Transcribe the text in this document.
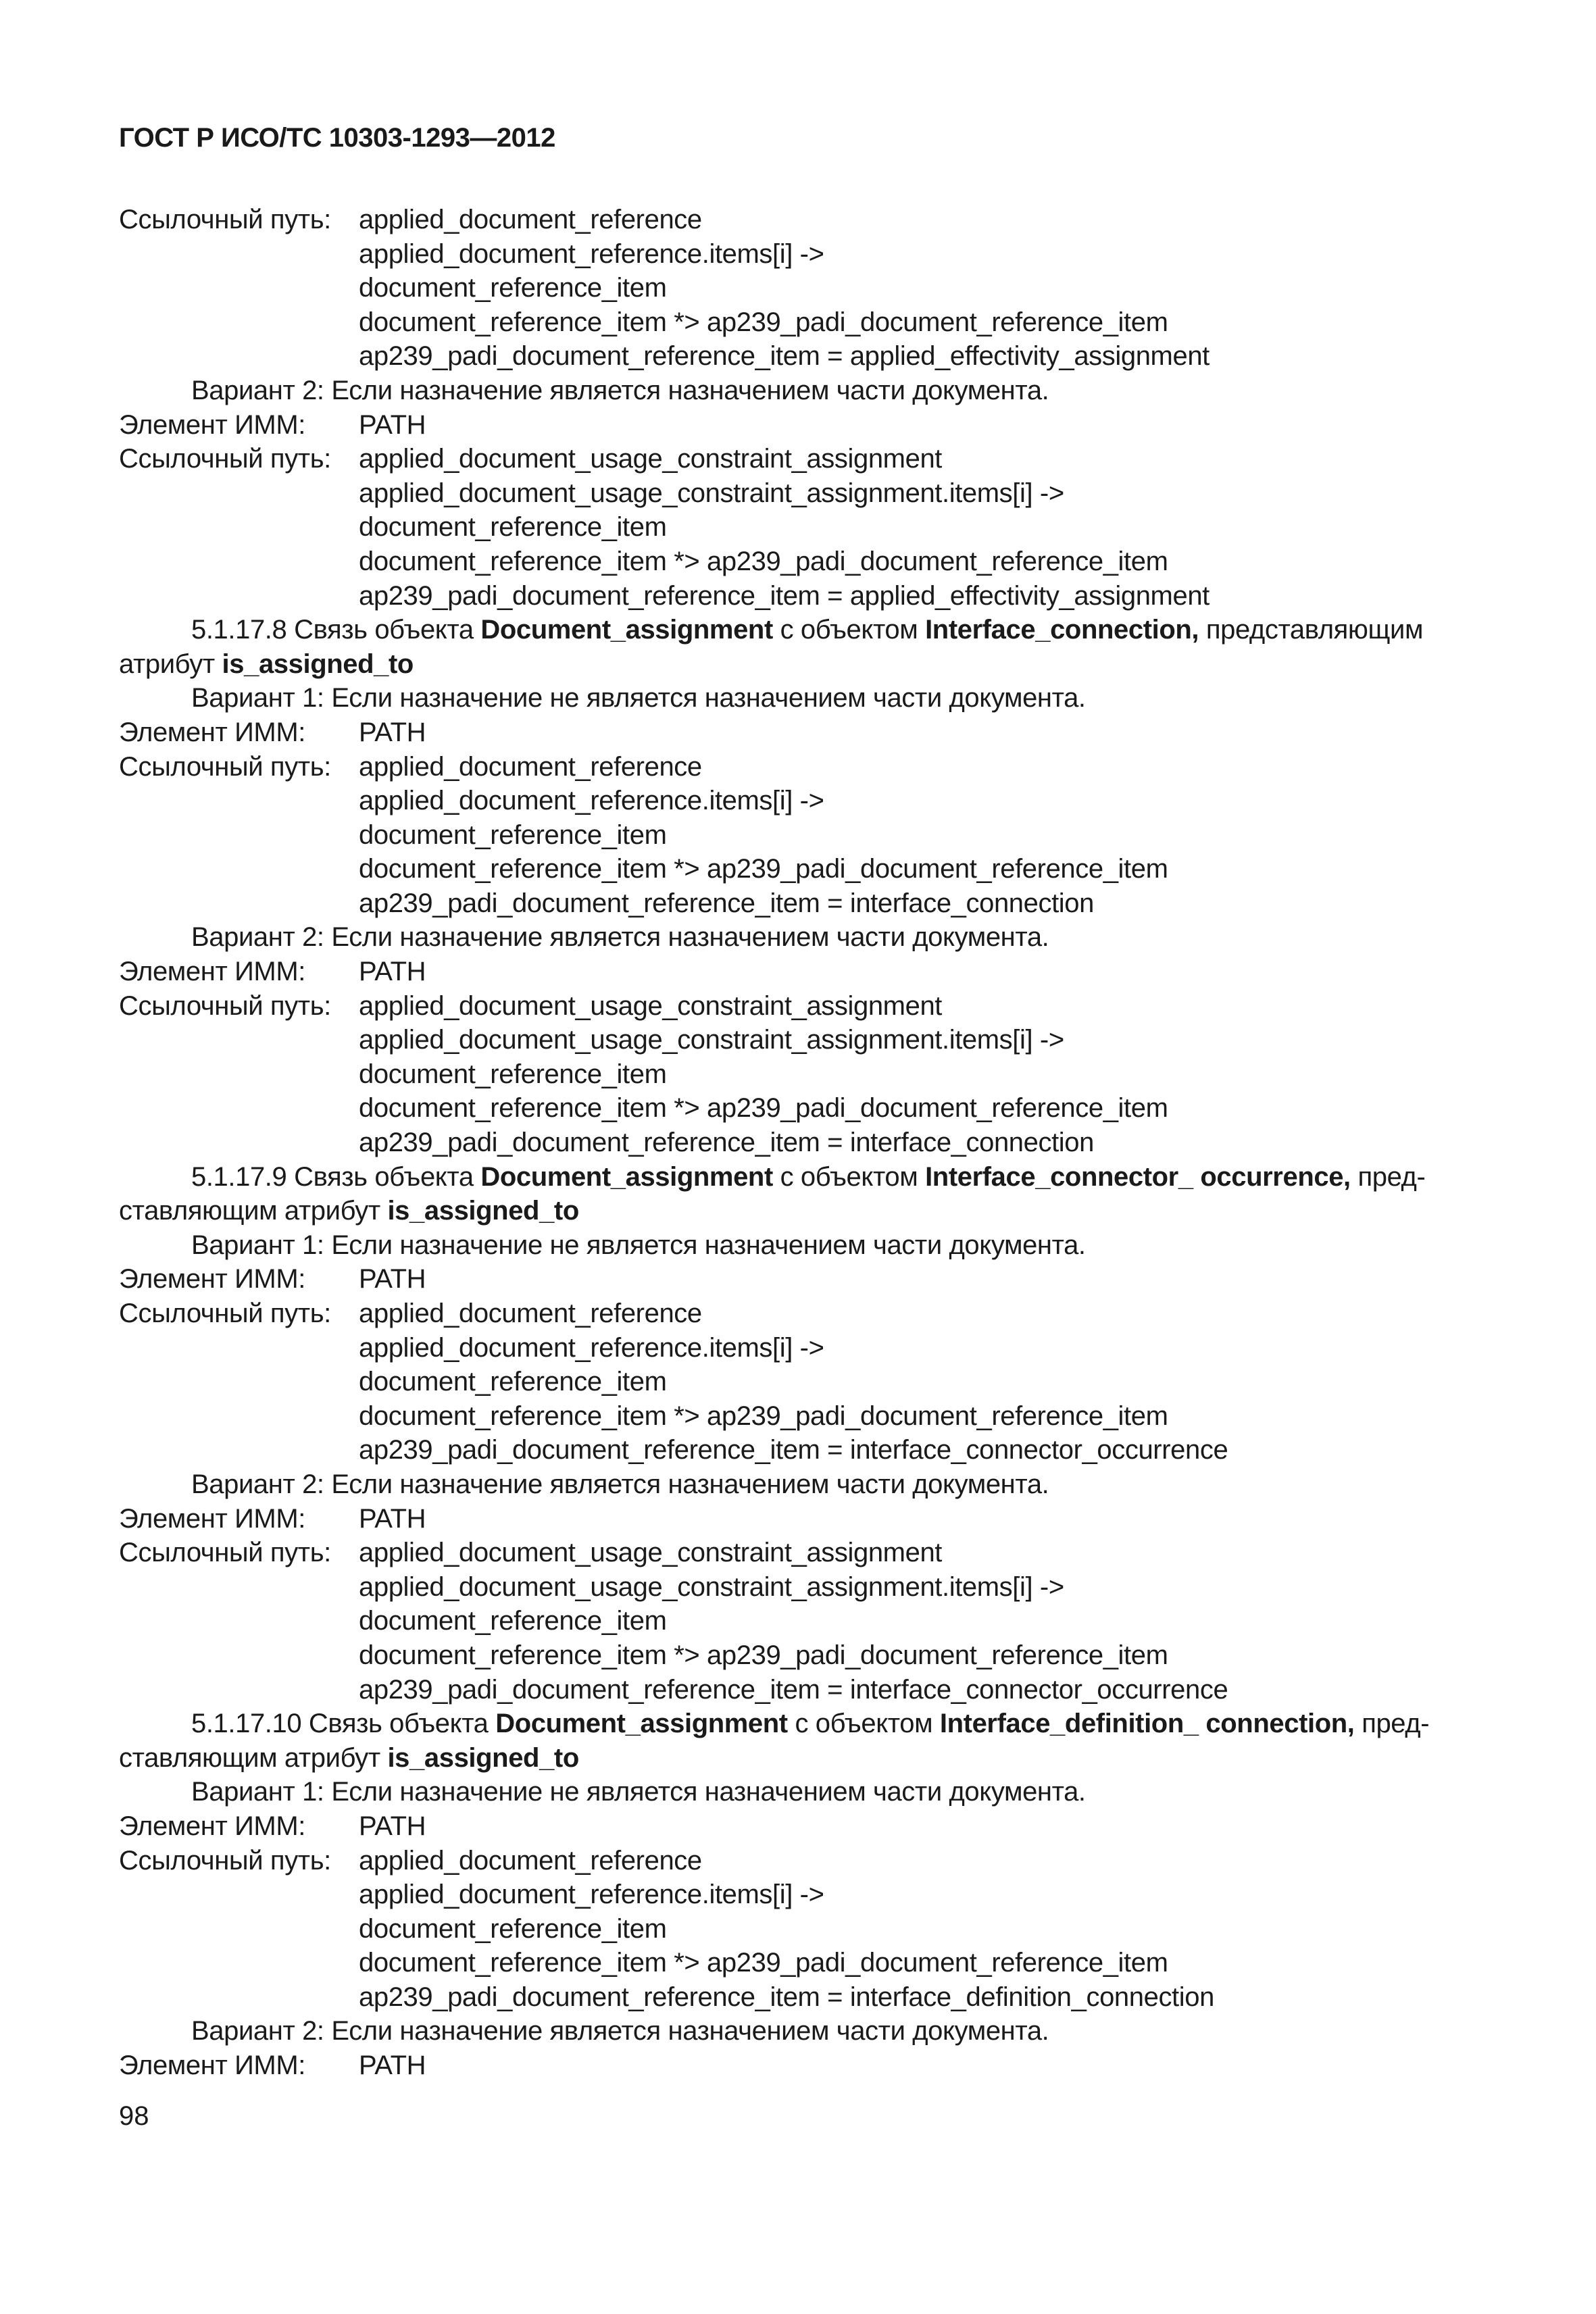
ГОСТ Р ИСО/ТС 10303-1293—2012
Ссылочный путь: applied_document_reference
applied_document_reference.items[i] ->
document_reference_item
document_reference_item *> ap239_padi_document_reference_item
ap239_padi_document_reference_item = applied_effectivity_assignment
Вариант 2: Если назначение является назначением части документа.
Элемент ИММ: PATH
Ссылочный путь: applied_document_usage_constraint_assignment
applied_document_usage_constraint_assignment.items[i] ->
document_reference_item
document_reference_item *> ap239_padi_document_reference_item
ap239_padi_document_reference_item = applied_effectivity_assignment
5.1.17.8 Связь объекта Document_assignment с объектом Interface_connection, представляющим
атрибут is_assigned_to
Вариант 1: Если назначение не является назначением части документа.
Элемент ИММ: PATH
Ссылочный путь: applied_document_reference
applied_document_reference.items[i] ->
document_reference_item
document_reference_item *> ap239_padi_document_reference_item
ap239_padi_document_reference_item = interface_connection
Вариант 2: Если назначение является назначением части документа.
Элемент ИММ: PATH
Ссылочный путь: applied_document_usage_constraint_assignment
applied_document_usage_constraint_assignment.items[i] ->
document_reference_item
document_reference_item *> ap239_padi_document_reference_item
ap239_padi_document_reference_item = interface_connection
5.1.17.9 Связь объекта Document_assignment с объектом Interface_connector_ occurrence, пред-
ставляющим атрибут is_assigned_to
Вариант 1: Если назначение не является назначением части документа.
Элемент ИММ: PATH
Ссылочный путь: applied_document_reference
applied_document_reference.items[i] ->
document_reference_item
document_reference_item *> ap239_padi_document_reference_item
ap239_padi_document_reference_item = interface_connector_occurrence
Вариант 2: Если назначение является назначением части документа.
Элемент ИММ: PATH
Ссылочный путь: applied_document_usage_constraint_assignment
applied_document_usage_constraint_assignment.items[i] ->
document_reference_item
document_reference_item *> ap239_padi_document_reference_item
ap239_padi_document_reference_item = interface_connector_occurrence
5.1.17.10 Связь объекта Document_assignment с объектом Interface_definition_ connection, пред-
ставляющим атрибут is_assigned_to
Вариант 1: Если назначение не является назначением части документа.
Элемент ИММ: PATH
Ссылочный путь: applied_document_reference
applied_document_reference.items[i] ->
document_reference_item
document_reference_item *> ap239_padi_document_reference_item
ap239_padi_document_reference_item = interface_definition_connection
Вариант 2: Если назначение является назначением части документа.
Элемент ИММ: PATH
98
